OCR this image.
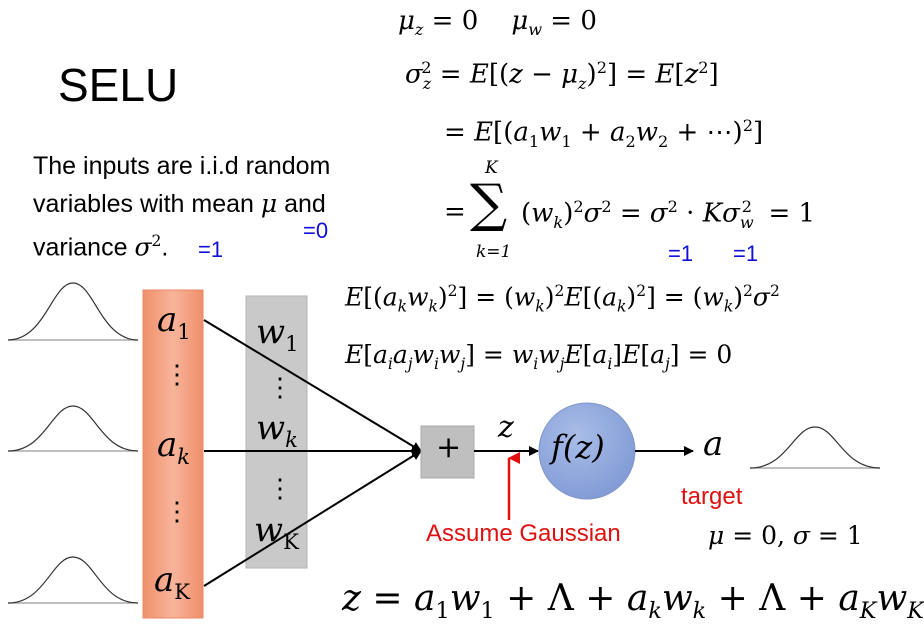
SELU
The inputs are i.i.d random
variables with mean μ and
variance $\sigma^2$.	=1
=0
$\mu_z = 0$    $\mu_w = 0$
$\sigma_z^2 = E[(z - \mu_z)^2] = E[z^2]$
= $E[(a_1w_1 + a_2w_2$ + ⋯)$^2$]
=
K
∑
k=1
$(w_k)^2\sigma^2 = \sigma^2 \cdot K\sigma_w^2 = 1$
=1 =1
$E[(a_kw_k)^2] = (w_k)^2E[(a_k)^2] = (w_k)^2\sigma^2$
$E[a_ia_jw_iw_j] = w_iw_jE[a_i]E[a_j] = 0$
$a_1$
⋮
$a_k$
⋮
$a_K$
$w_1$
⋮
$w_k$
⋮
$w_K$
+
z
f(z)	a
Assume Gaussian
target
μ = 0, σ = 1
$z = a_1w_1 + \Lambda + a_kw_k + \Lambda + a_Kw_K$
